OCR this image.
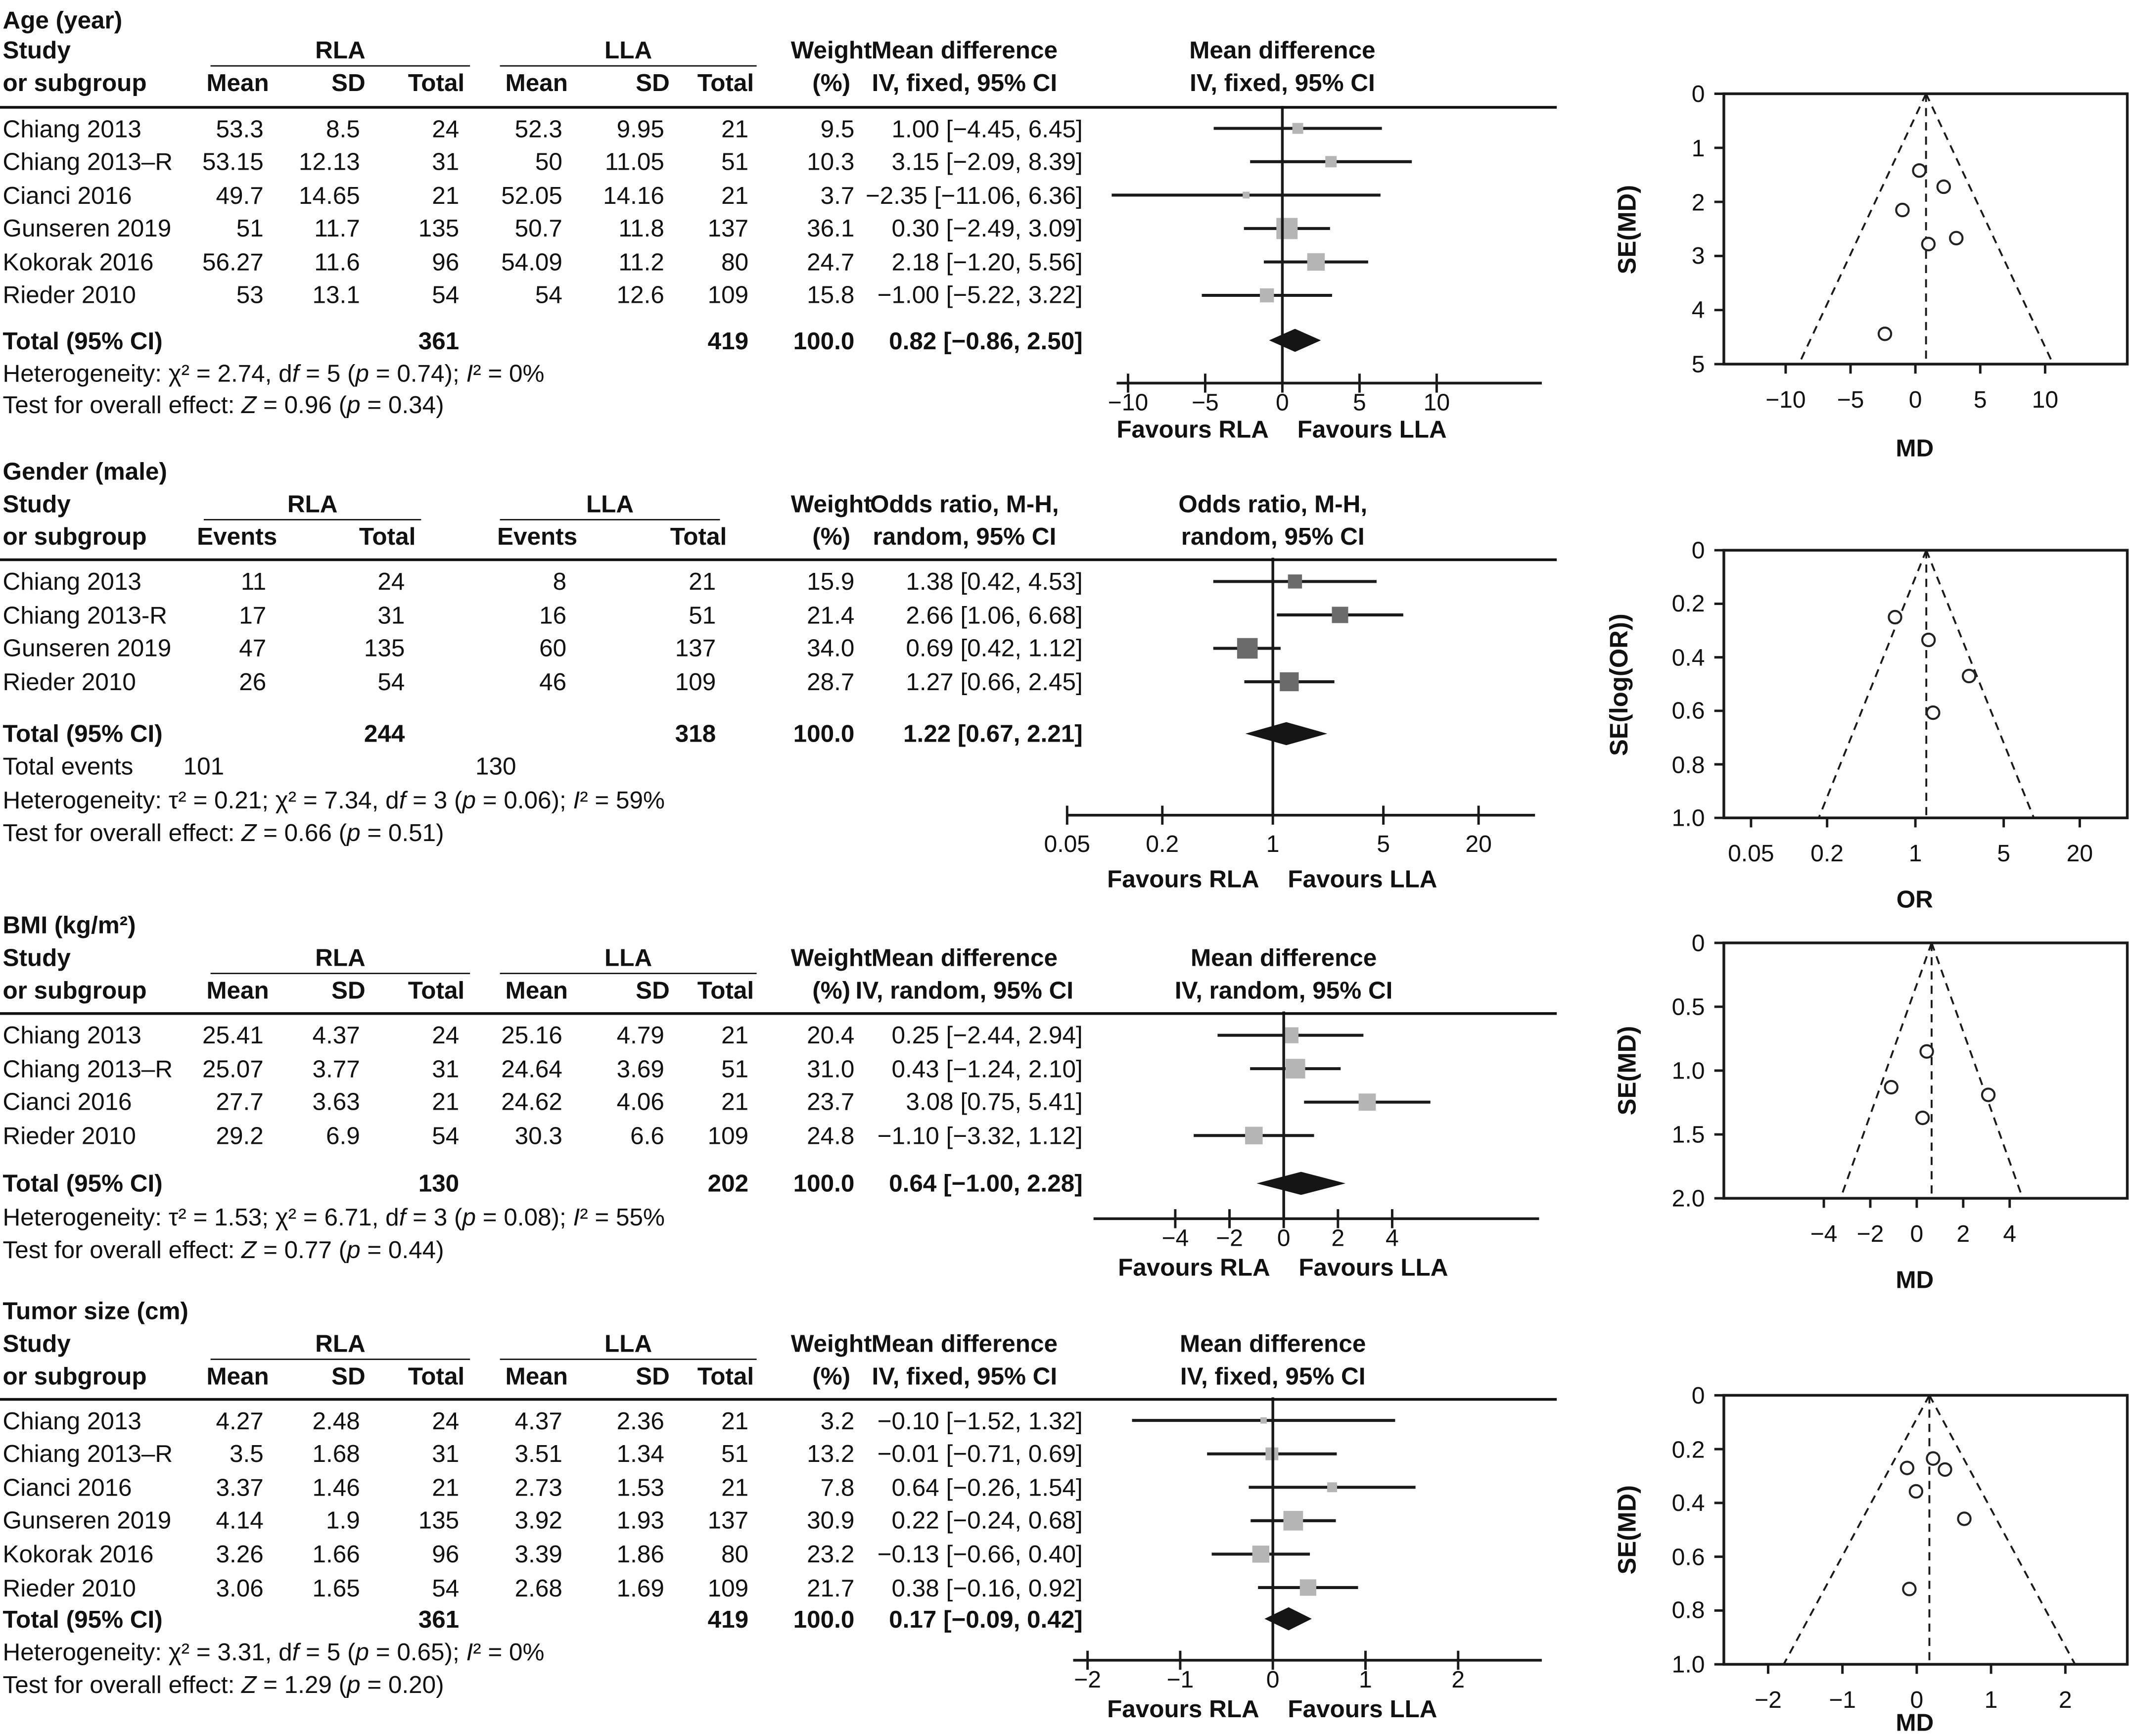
Age (year)
Study
or subgroup
RLA	LLA
Mean	SD	Total	Mean	SD	Total
Weight
(%)
Mean difference
IV, fixed, 95% CI
Mean difference
IV, fixed, 95% CI
Chiang 2013	53.3	8.5	24	52.3	9.95	21	9.5	1.00 [−4.45, 6.45]
Chiang 2013–R	53.15	12.13	31	50	11.05	51	10.3	3.15 [−2.09, 8.39]
Cianci 2016	49.7	14.65	21	52.05	14.16	21	3.7	−2.35 [−11.06, 6.36]
Gunseren 2019	51	11.7	135	50.7	11.8	137	36.1	0.30 [−2.49, 3.09]
Kokorak 2016	56.27	11.6	96	54.09	11.2	80	24.7	2.18 [−1.20, 5.56]
Rieder 2010	53	13.1	54	54	12.6	109	15.8	−1.00 [−5.22, 3.22]
Total (95% CI)	361	419	100.0	0.82 [−0.86, 2.50]
Heterogeneity: χ² = 2.74, df = 5 (p = 0.74); I² = 0%
Test for overall effect: Z = 0.96 (p = 0.34)	−10	−5	0	5	10
Favours RLA	Favours LLA
0
1
2
3
4
5
−10	−5	0	5	10
SE(MD)
MD
Gender (male)
Study
or subgroup
RLA	LLA
Events	Total	Events	Total
Weight
(%)
Odds ratio, M-H,
random, 95% CI
Odds ratio, M-H,
random, 95% CI
Chiang 2013	11	24	8	21	15.9	1.38 [0.42, 4.53]
Chiang 2013-R	17	31	16	51	21.4	2.66 [1.06, 6.68]
Gunseren 2019	47	135	60	137	34.0	0.69 [0.42, 1.12]
Rieder 2010	26	54	46	109	28.7	1.27 [0.66, 2.45]
Total (95% CI)	244	318	100.0	1.22 [0.67, 2.21]
Total events	101	130
Heterogeneity: τ² = 0.21; χ² = 7.34, df = 3 (p = 0.06); I² = 59%
Test for overall effect: Z = 0.66 (p = 0.51)	0.05	0.2	1	5	20
Favours RLA	Favours LLA
0
0.2
0.4
0.6
0.8
1.0
0.05	0.2	1	5	20
SE(log(OR))
OR
BMI (kg/m²)
Study
or subgroup
RLA	LLA
Mean	SD	Total	Mean	SD	Total
Weight
(%)
Mean difference
IV, random, 95% CI
Mean difference
IV, random, 95% CI
Chiang 2013	25.41	4.37	24	25.16	4.79	21	20.4	0.25 [−2.44, 2.94]
Chiang 2013–R	25.07	3.77	31	24.64	3.69	51	31.0	0.43 [−1.24, 2.10]
Cianci 2016	27.7	3.63	21	24.62	4.06	21	23.7	3.08 [0.75, 5.41]
Rieder 2010	29.2	6.9	54	30.3	6.6	109	24.8	−1.10 [−3.32, 1.12]
Total (95% CI)	130	202	100.0	0.64 [−1.00, 2.28]
Heterogeneity: τ² = 1.53; χ² = 6.71, df = 3 (p = 0.08); I² = 55%
Test for overall effect: Z = 0.77 (p = 0.44)	−4	−2	0	2	4
Favours RLA	Favours LLA
0
0.5
1.0
1.5
2.0
−4	−2	0	2	4
SE(MD)
MD
Tumor size (cm)
Study
or subgroup
RLA	LLA
Mean	SD	Total	Mean	SD	Total
Weight
(%)
Mean difference
IV, fixed, 95% CI
Mean difference
IV, fixed, 95% CI
Chiang 2013	4.27	2.48	24	4.37	2.36	21	3.2	−0.10 [−1.52, 1.32]
Chiang 2013–R	3.5	1.68	31	3.51	1.34	51	13.2	−0.01 [−0.71, 0.69]
Cianci 2016	3.37	1.46	21	2.73	1.53	21	7.8	0.64 [−0.26, 1.54]
Gunseren 2019	4.14	1.9	135	3.92	1.93	137	30.9	0.22 [−0.24, 0.68]
Kokorak 2016	3.26	1.66	96	3.39	1.86	80	23.2	−0.13 [−0.66, 0.40]
Rieder 2010	3.06	1.65	54	2.68	1.69	109	21.7	0.38 [−0.16, 0.92]
Total (95% CI)	361	419	100.0	0.17 [−0.09, 0.42]
Heterogeneity: χ² = 3.31, df = 5 (p = 0.65); I² = 0%
Test for overall effect: Z = 1.29 (p = 0.20)	−2	−1	0	1	2
Favours RLA	Favours LLA
0
0.2
0.4
0.6
0.8
1.0
−2	−1	0	1	2
SE(MD)
MD
